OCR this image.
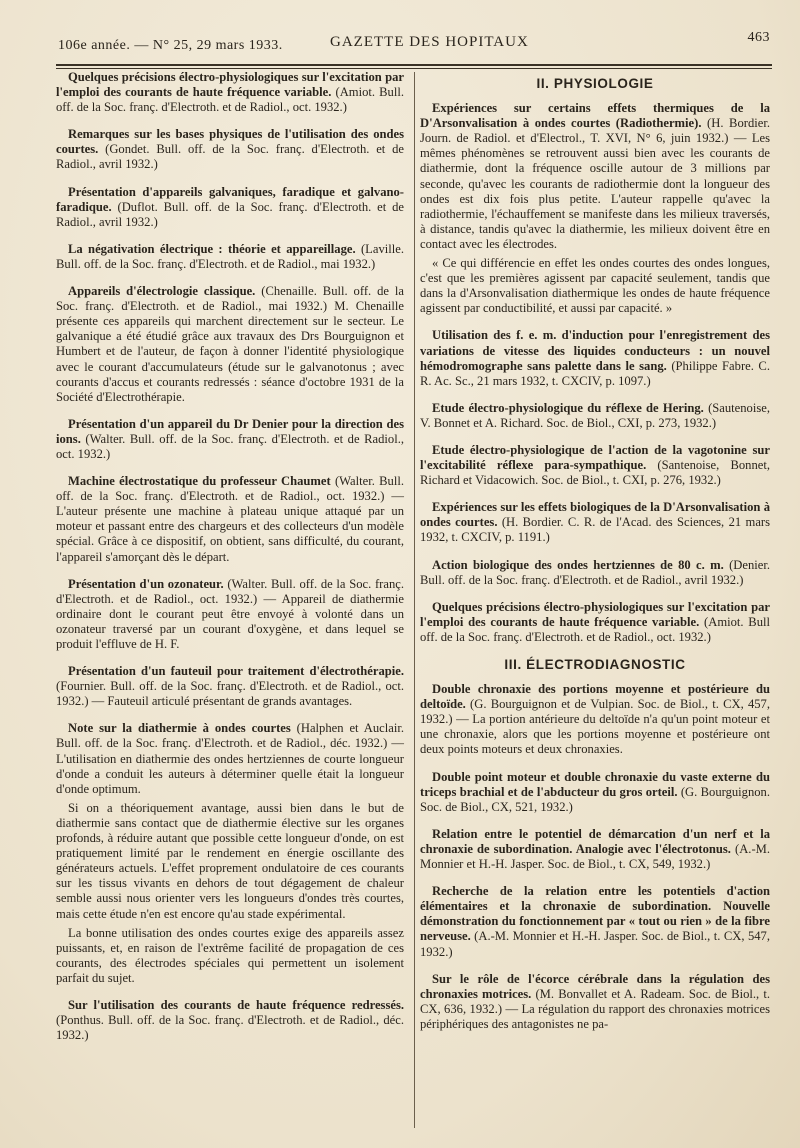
106e année. — N° 25, 29 mars 1933.	GAZETTE DES HOPITAUX	463
Quelques précisions électro-physiologiques sur l'excitation par l'emploi des courants de haute fréquence variable. (Amiot. Bull. off. de la Soc. franç. d'Electroth. et de Radiol., oct. 1932.)
Remarques sur les bases physiques de l'utilisation des ondes courtes. (Gondet. Bull. off. de la Soc. franç. d'Electroth. et de Radiol., avril 1932.)
Présentation d'appareils galvaniques, faradique et galvano-faradique. (Duflot. Bull. off. de la Soc. franç. d'Electroth. et de Radiol., avril 1932.)
La négativation électrique : théorie et appareillage. (Laville. Bull. off. de la Soc. franç. d'Electroth. et de Radiol., mai 1932.)
Appareils d'électrologie classique. (Chenaille. Bull. off. de la Soc. franç. d'Electroth. et de Radiol., mai 1932.) M. Chenaille présente ces appareils qui marchent directement sur le secteur. Le galvanique a été étudié grâce aux travaux des Drs Bourguignon et Humbert et de l'auteur, de façon à donner l'identité physiologique avec le courant d'accumulateurs (étude sur le galvanotonus ; avec courants d'accus et courants redressés : séance d'octobre 1931 de la Société d'Electrothérapie.
Présentation d'un appareil du Dr Denier pour la direction des ions. (Walter. Bull. off. de la Soc. franç. d'Electroth. et de Radiol., oct. 1932.)
Machine électrostatique du professeur Chaumet (Walter. Bull. off. de la Soc. franç. d'Electroth. et de Radiol., oct. 1932.) — L'auteur présente une machine à plateau unique attaqué par un moteur et passant entre des chargeurs et des collecteurs d'un modèle spécial. Grâce à ce dispositif, on obtient, sans difficulté, du courant, l'appareil s'amorçant dès le départ.
Présentation d'un ozonateur. (Walter. Bull. off. de la Soc. franç. d'Electroth. et de Radiol., oct. 1932.) — Appareil de diathermie ordinaire dont le courant peut être envoyé à volonté dans un ozonateur traversé par un courant d'oxygène, et dans lequel se produit l'effluve de H. F.
Présentation d'un fauteuil pour traitement d'électrothérapie. (Fournier. Bull. off. de la Soc. franç. d'Electroth. et de Radiol., oct. 1932.) — Fauteuil articulé présentant de grands avantages.
Note sur la diathermie à ondes courtes (Halphen et Auclair. Bull. off. de la Soc. franç. d'Electroth. et de Radiol., déc. 1932.) — L'utilisation en diathermie des ondes hertziennes de courte longueur d'onde a conduit les auteurs à déterminer quelle était la longueur d'onde optimum.
Si on a théoriquement avantage, aussi bien dans le but de diathermie sans contact que de diathermie élective sur les organes profonds, à réduire autant que possible cette longueur d'onde, on est pratiquement limité par le rendement en énergie oscillante des générateurs actuels. L'effet proprement ondulatoire de ces courants sur les tissus vivants en dehors de tout dégagement de chaleur semble aussi nous orienter vers les longueurs d'ondes très courtes, mais cette étude n'en est encore qu'au stade expérimental.
La bonne utilisation des ondes courtes exige des appareils assez puissants, et, en raison de l'extrême facilité de propagation de ces courants, des électrodes spéciales qui permettent un isolement parfait du sujet.
Sur l'utilisation des courants de haute fréquence redressés. (Ponthus. Bull. off. de la Soc. franç. d'Electroth. et de Radiol., déc. 1932.)
II. PHYSIOLOGIE
Expériences sur certains effets thermiques de la D'Arsonvalisation à ondes courtes (Radiothermie). (H. Bordier. Journ. de Radiol. et d'Electrol., T. XVI, N° 6, juin 1932.) — Les mêmes phénomènes se retrouvent aussi bien avec les courants de diathermie, dont la fréquence oscille autour de 3 millions par seconde, qu'avec les courants de radiothermie dont la longueur des ondes est dix fois plus petite. L'auteur rappelle qu'avec la radiothermie, l'échauffement se manifeste dans les milieux traversés, à distance, tandis qu'avec la diathermie, les milieux doivent être en contact avec les électrodes.
« Ce qui différencie en effet les ondes courtes des ondes longues, c'est que les premières agissent par capacité seulement, tandis que dans la d'Arsonvalisation diathermique les ondes de haute fréquence agissent par conductibilité, et aussi par capacité. »
Utilisation des f. e. m. d'induction pour l'enregistrement des variations de vitesse des liquides conducteurs : un nouvel hémodromographe sans palette dans le sang. (Philippe Fabre. C. R. Ac. Sc., 21 mars 1932, t. CXCIV, p. 1097.)
Etude électro-physiologique du réflexe de Hering. (Sautenoise, V. Bonnet et A. Richard. Soc. de Biol., CXI, p. 273, 1932.)
Etude électro-physiologique de l'action de la vagotonine sur l'excitabilité réflexe para-sympathique. (Santenoise, Bonnet, Richard et Vidacowich. Soc. de Biol., t. CXI, p. 276, 1932.)
Expériences sur les effets biologiques de la D'Arsonvalisation à ondes courtes. (H. Bordier. C. R. de l'Acad. des Sciences, 21 mars 1932, t. CXCIV, p. 1191.)
Action biologique des ondes hertziennes de 80 c. m. (Denier. Bull. off. de la Soc. franç. d'Electroth. et de Radiol., avril 1932.)
Quelques précisions électro-physiologiques sur l'excitation par l'emploi des courants de haute fréquence variable. (Amiot. Bull off. de la Soc. franç. d'Electroth. et de Radiol., oct. 1932.)
III. ÉLECTRODIAGNOSTIC
Double chronaxie des portions moyenne et postérieure du deltoïde. (G. Bourguignon et de Vulpian. Soc. de Biol., t. CX, 457, 1932.) — La portion antérieure du deltoïde n'a qu'un point moteur et une chronaxie, alors que les portions moyenne et postérieure ont deux points moteurs et deux chronaxies.
Double point moteur et double chronaxie du vaste externe du triceps brachial et de l'abducteur du gros orteil. (G. Bourguignon. Soc. de Biol., CX, 521, 1932.)
Relation entre le potentiel de démarcation d'un nerf et la chronaxie de subordination. Analogie avec l'électrotonus. (A.-M. Monnier et H.-H. Jasper. Soc. de Biol., t. CX, 549, 1932.)
Recherche de la relation entre les potentiels d'action élémentaires et la chronaxie de subordination. Nouvelle démonstration du fonctionnement par « tout ou rien » de la fibre nerveuse. (A.-M. Monnier et H.-H. Jasper. Soc. de Biol., t. CX, 547, 1932.)
Sur le rôle de l'écorce cérébrale dans la régulation des chronaxies motrices. (M. Bonvallet et A. Radeam. Soc. de Biol., t. CX, 636, 1932.) — La régulation du rapport des chronaxies motrices périphériques des antagonistes ne pa-
